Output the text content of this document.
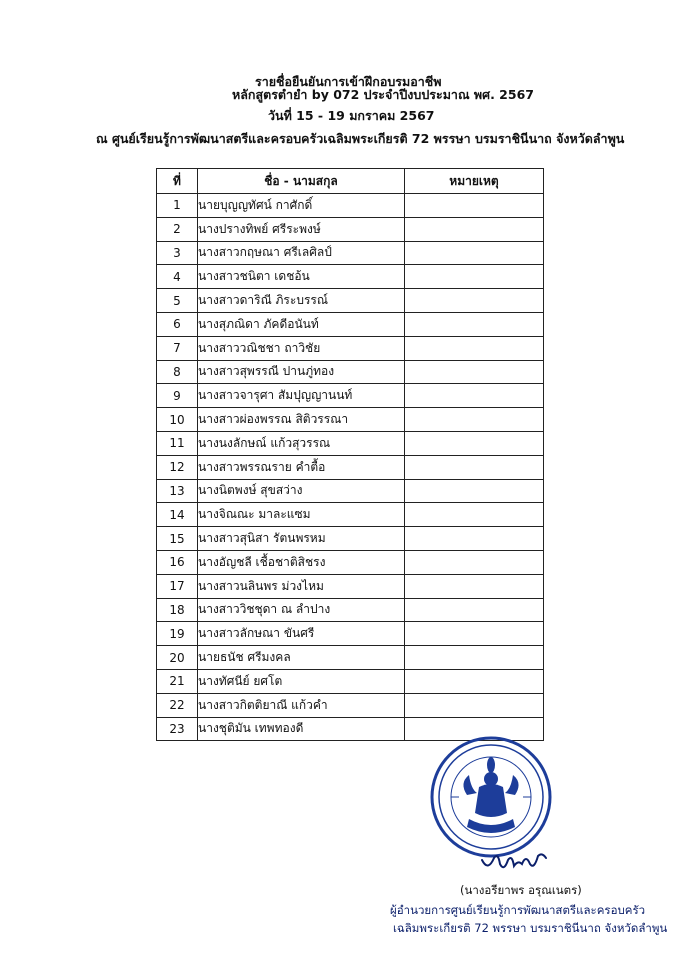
รายชื่อยืนยันการเข้าฝึกอบรมอาชีพ
หลักสูตรตำยำ by 072 ประจำปีงบประมาณ พศ. 2567
วันที่ 15 - 19 มกราคม 2567
ณ ศูนย์เรียนรู้การพัฒนาสตรีและครอบครัวเฉลิมพระเกียรติ 72 พรรษา บรมราชินีนาถ จังหวัดลำพูน
ที่	ชื่อ - นามสกุล	หมายเหตุ
1	นายบุญญทัศน์ กาศักดิ์	
2	นางปรางทิพย์ ศรีระพงษ์	
3	นางสาวกฤษณา ศรีเลศิลป์	
4	นางสาวชนิตา เดชอ้น	
5	นางสาวดาริณี ภิระบรรณ์	
6	นางสุภณิดา ภัคดีอนันท์	
7	นางสาววณิชชา ถาวิชัย	
8	นางสาวสุพรรณี ปานภู่ทอง	
9	นางสาวจารุศา สัมปุญญานนท์	
10	นางสาวผ่องพรรณ สิติวรรณา	
11	นางนงลักษณ์ แก้วสุวรรณ	
12	นางสาวพรรณราย คำตื้อ	
13	นางนิตพงษ์ สุขสว่าง	
14	นางจิณณะ มาละแซม	
15	นางสาวสุนิสา รัตนพรหม	
16	นางอัญชลี เชื้อชาติสิชรง	
17	นางสาวนลินพร ม่วงไหม	
18	นางสาววิชชุดา ณ ลำปาง	
19	นางสาวลักษณา ขันศรี	
20	นายธนัช ศรีมงคล	
21	นางทัศนีย์ ยศโต	
22	นางสาวกิตติยาณี แก้วคำ	
23	นางชุติมัน เทพทองดี	
(นางอรียาพร อรุณเนตร)
ผู้อำนวยการศูนย์เรียนรู้การพัฒนาสตรีและครอบครัว
เฉลิมพระเกียรติ 72 พรรษา บรมราชินีนาถ จังหวัดลำพูน
